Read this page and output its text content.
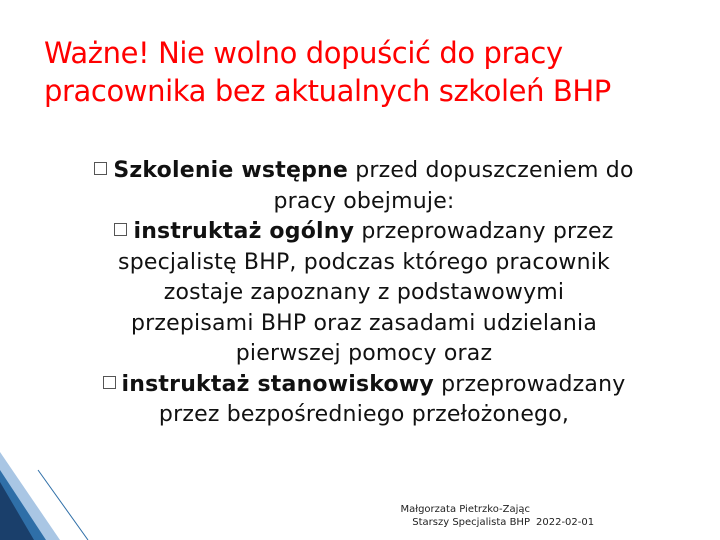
Ważne! Nie wolno dopuścić do pracy
pracownika bez aktualnych szkoleń BHP
Szkolenie wstępne przed dopuszczeniem do
pracy obejmuje:
instruktaż ogólny przeprowadzany przez
specjalistę BHP, podczas którego pracownik
zostaje zapoznany z podstawowymi
przepisami BHP oraz zasadami udzielania
pierwszej pomocy oraz
instruktaż stanowiskowy przeprowadzany
przez bezpośredniego przełożonego,
Małgorzata Pietrzko-Zając
Starszy Specjalista BHP 2022-02-01
